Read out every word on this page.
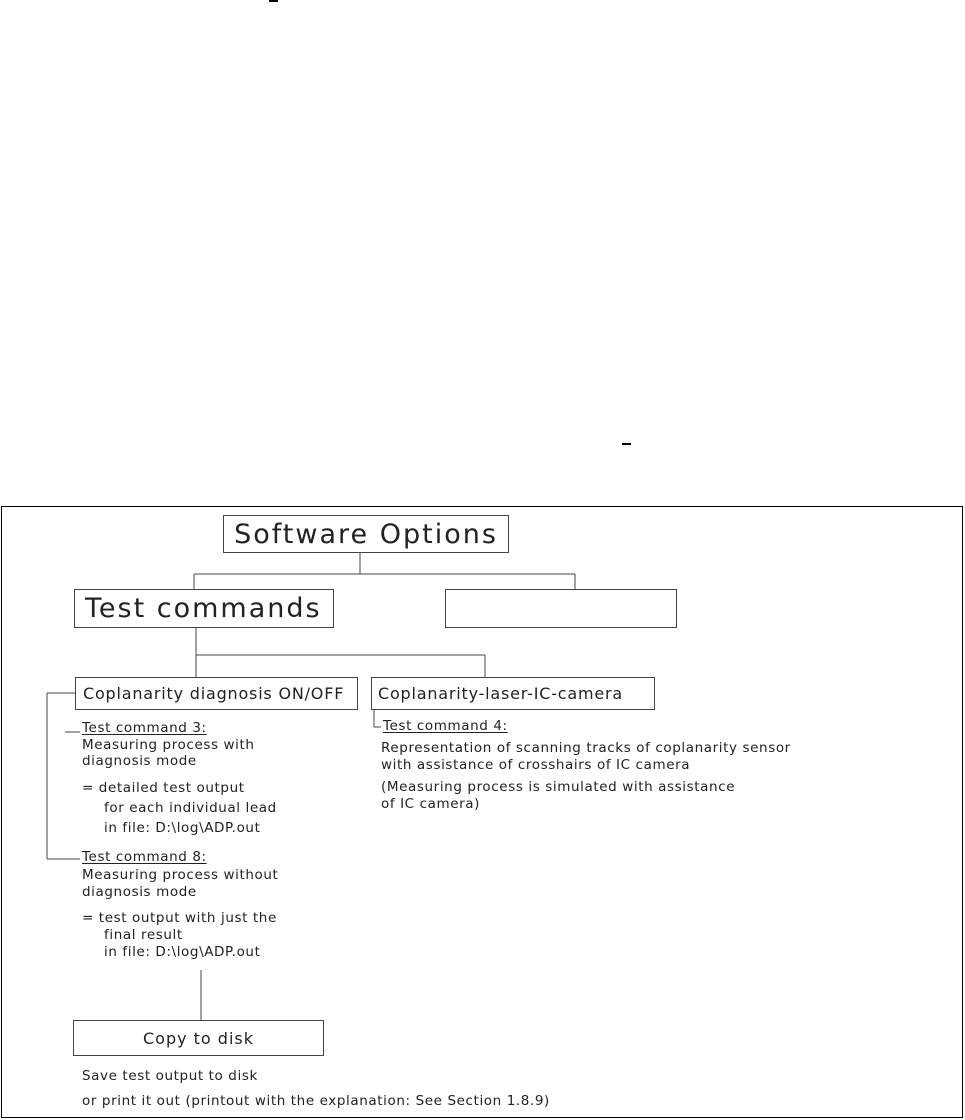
Software Options
Test commands
Coplanarity diagnosis ON/OFF Coplanarity-laser-IC-camera
Test command 3:
Measuring process with
diagnosis mode
= detailed test output
for each individual lead
in file: D:\log\ADP.out
Test command 8:
Measuring process without
diagnosis mode
= test output with just the
final result
in file: D:\log\ADP.out
Test command 4:
Representation of scanning tracks of coplanarity sensor
with assistance of crosshairs of IC camera
(Measuring process is simulated with assistance
of IC camera)
Copy to disk
Save test output to disk
or print it out (printout with the explanation: See Section 1.8.9)
